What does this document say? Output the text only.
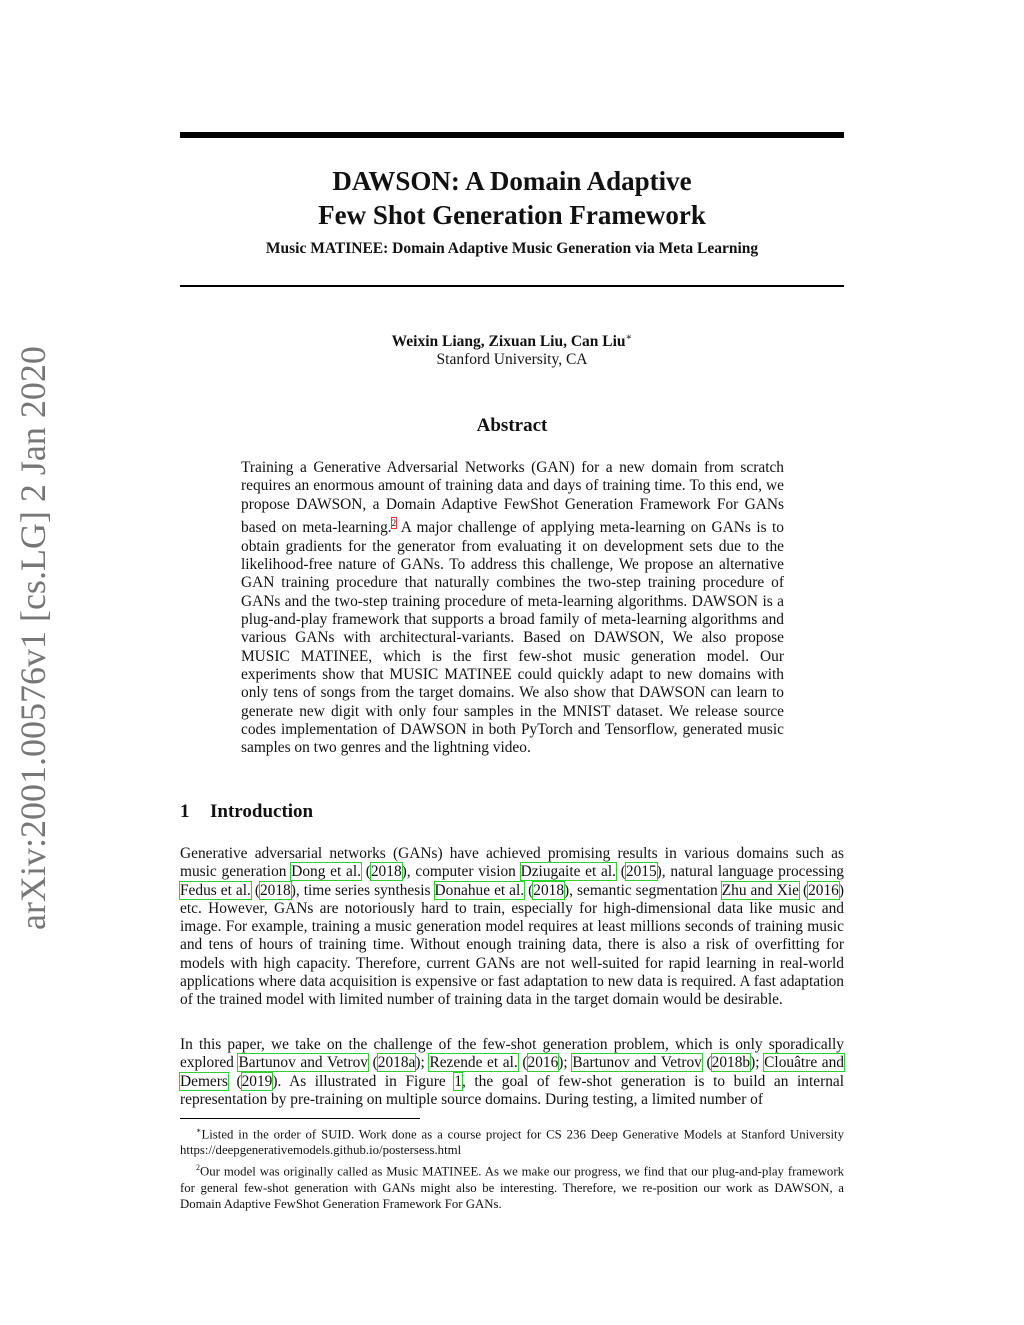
arXiv:2001.00576v1 [cs.LG] 2 Jan 2020
DAWSON: A Domain Adaptive
Few Shot Generation Framework
Music MATINEE: Domain Adaptive Music Generation via Meta Learning
Weixin Liang, Zixuan Liu, Can Liu∗
Stanford University, CA
Abstract
Training a Generative Adversarial Networks (GAN) for a new domain from scratch requires an enormous amount of training data and days of training time. To this end, we propose DAWSON, a Domain Adaptive FewShot Generation Framework For GANs based on meta-learning.$^2$ A major challenge of applying meta-learning on GANs is to obtain gradients for the generator from evaluating it on development sets due to the likelihood-free nature of GANs. To address this challenge, We propose an alternative GAN training procedure that naturally combines the two-step training procedure of GANs and the two-step training procedure of meta-learning algorithms. DAWSON is a plug-and-play framework that supports a broad family of meta-learning algorithms and various GANs with architectural-variants. Based on DAWSON, We also propose MUSIC MATINEE, which is the first few-shot music generation model. Our experiments show that MUSIC MATINEE could quickly adapt to new domains with only tens of songs from the target domains. We also show that DAWSON can learn to generate new digit with only four samples in the MNIST dataset. We release source codes implementation of DAWSON in both PyTorch and Tensorflow, generated music samples on two genres and the lightning video.
1 Introduction
Generative adversarial networks (GANs) have achieved promising results in various domains such as music generation Dong et al. (2018), computer vision Dziugaite et al. (2015), natural language processing Fedus et al. (2018), time series synthesis Donahue et al. (2018), semantic segmentation Zhu and Xie (2016) etc. However, GANs are notoriously hard to train, especially for high-dimensional data like music and image. For example, training a music generation model requires at least millions seconds of training music and tens of hours of training time. Without enough training data, there is also a risk of overfitting for models with high capacity. Therefore, current GANs are not well-suited for rapid learning in real-world applications where data acquisition is expensive or fast adaptation to new data is required. A fast adaptation of the trained model with limited number of training data in the target domain would be desirable.
In this paper, we take on the challenge of the few-shot generation problem, which is only sporadically explored Bartunov and Vetrov (2018a); Rezende et al. (2016); Bartunov and Vetrov (2018b); Clouâtre and Demers (2019). As illustrated in Figure 1, the goal of few-shot generation is to build an internal representation by pre-training on multiple source domains. During testing, a limited number of

∗Listed in the order of SUID. Work done as a course project for CS 236 Deep Generative Models at Stanford University https://deepgenerativemodels.github.io/postersess.html

$^2$Our model was originally called as Music MATINEE. As we make our progress, we find that our plug-and-play framework for general few-shot generation with GANs might also be interesting. Therefore, we re-position our work as DAWSON, a Domain Adaptive FewShot Generation Framework For GANs.
